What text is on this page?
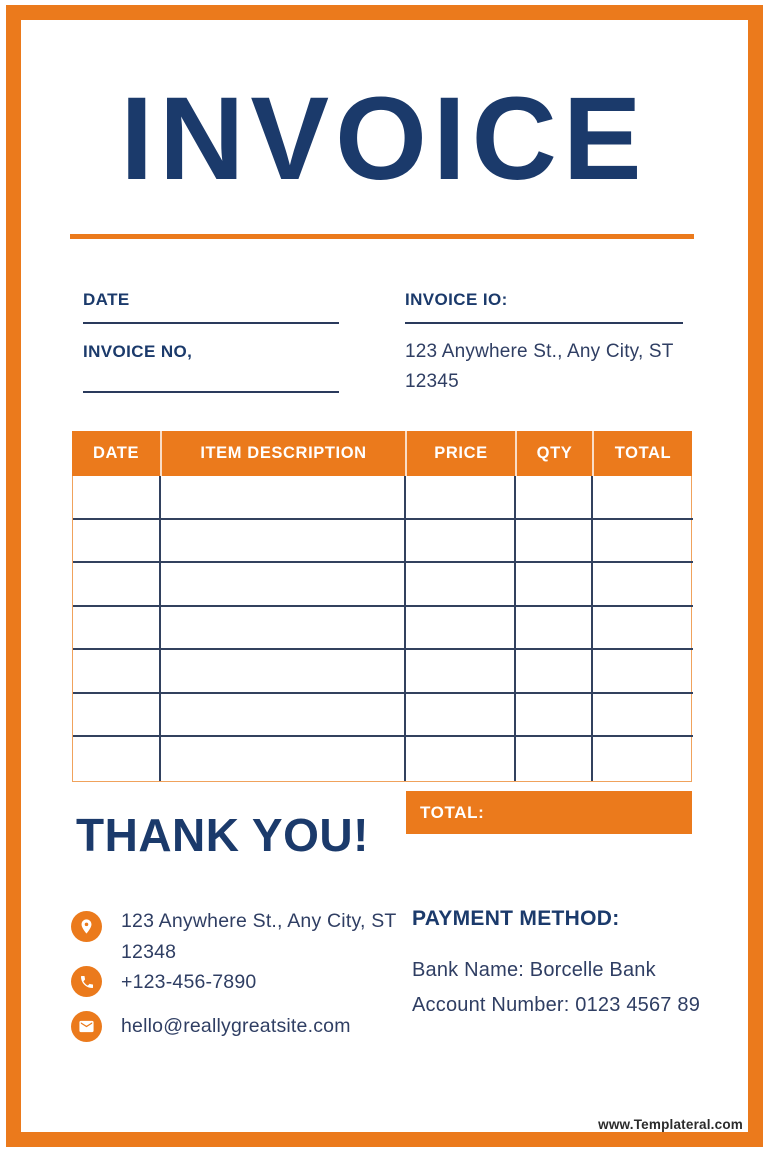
INVOICE
DATE
INVOICE NO,
INVOICE IO:
123 Anywhere St., Any City, ST 12345
DATE	ITEM DESCRIPTION	PRICE	QTY	TOTAL
TOTAL:
THANK YOU!
123 Anywhere St., Any City, ST 12348
+123-456-7890
hello@reallygreatsite.com
PAYMENT METHOD:
Bank Name: Borcelle Bank
Account Number: 0123 4567 89
www.Templateral.com
